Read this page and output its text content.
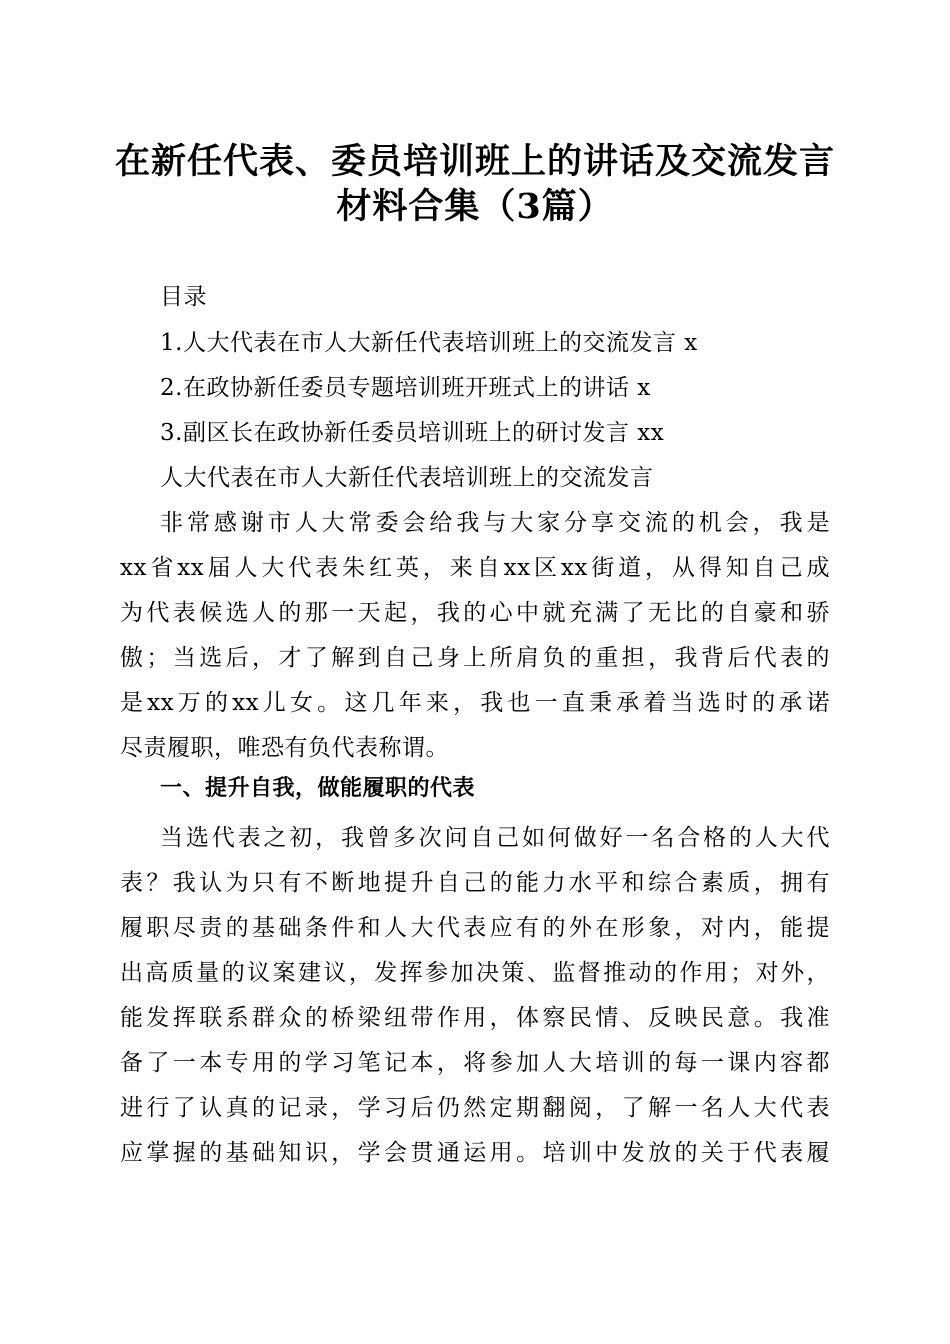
在新任代表、委员培训班上的讲话及交流发言
材料合集（3篇）
目录
1.人大代表在市人大新任代表培训班上的交流发言 x
2.在政协新任委员专题培训班开班式上的讲话 x
3.副区长在政协新任委员培训班上的研讨发言 xx
人大代表在市人大新任代表培训班上的交流发言
非常感谢市人大常委会给我与大家分享交流的机会，我是
xx省xx届人大代表朱红英，来自xx区xx街道，从得知自己成
为代表候选人的那一天起，我的心中就充满了无比的自豪和骄
傲；当选后，才了解到自己身上所肩负的重担，我背后代表的
是xx万的xx儿女。这几年来，我也一直秉承着当选时的承诺
尽责履职，唯恐有负代表称谓。
一、提升自我，做能履职的代表
当选代表之初，我曾多次问自己如何做好一名合格的人大代
表？我认为只有不断地提升自己的能力水平和综合素质，拥有
履职尽责的基础条件和人大代表应有的外在形象，对内，能提
出高质量的议案建议，发挥参加决策、监督推动的作用；对外，
能发挥联系群众的桥梁纽带作用，体察民情、反映民意。我准
备了一本专用的学习笔记本，将参加人大培训的每一课内容都
进行了认真的记录，学习后仍然定期翻阅，了解一名人大代表
应掌握的基础知识，学会贯通运用。培训中发放的关于代表履
